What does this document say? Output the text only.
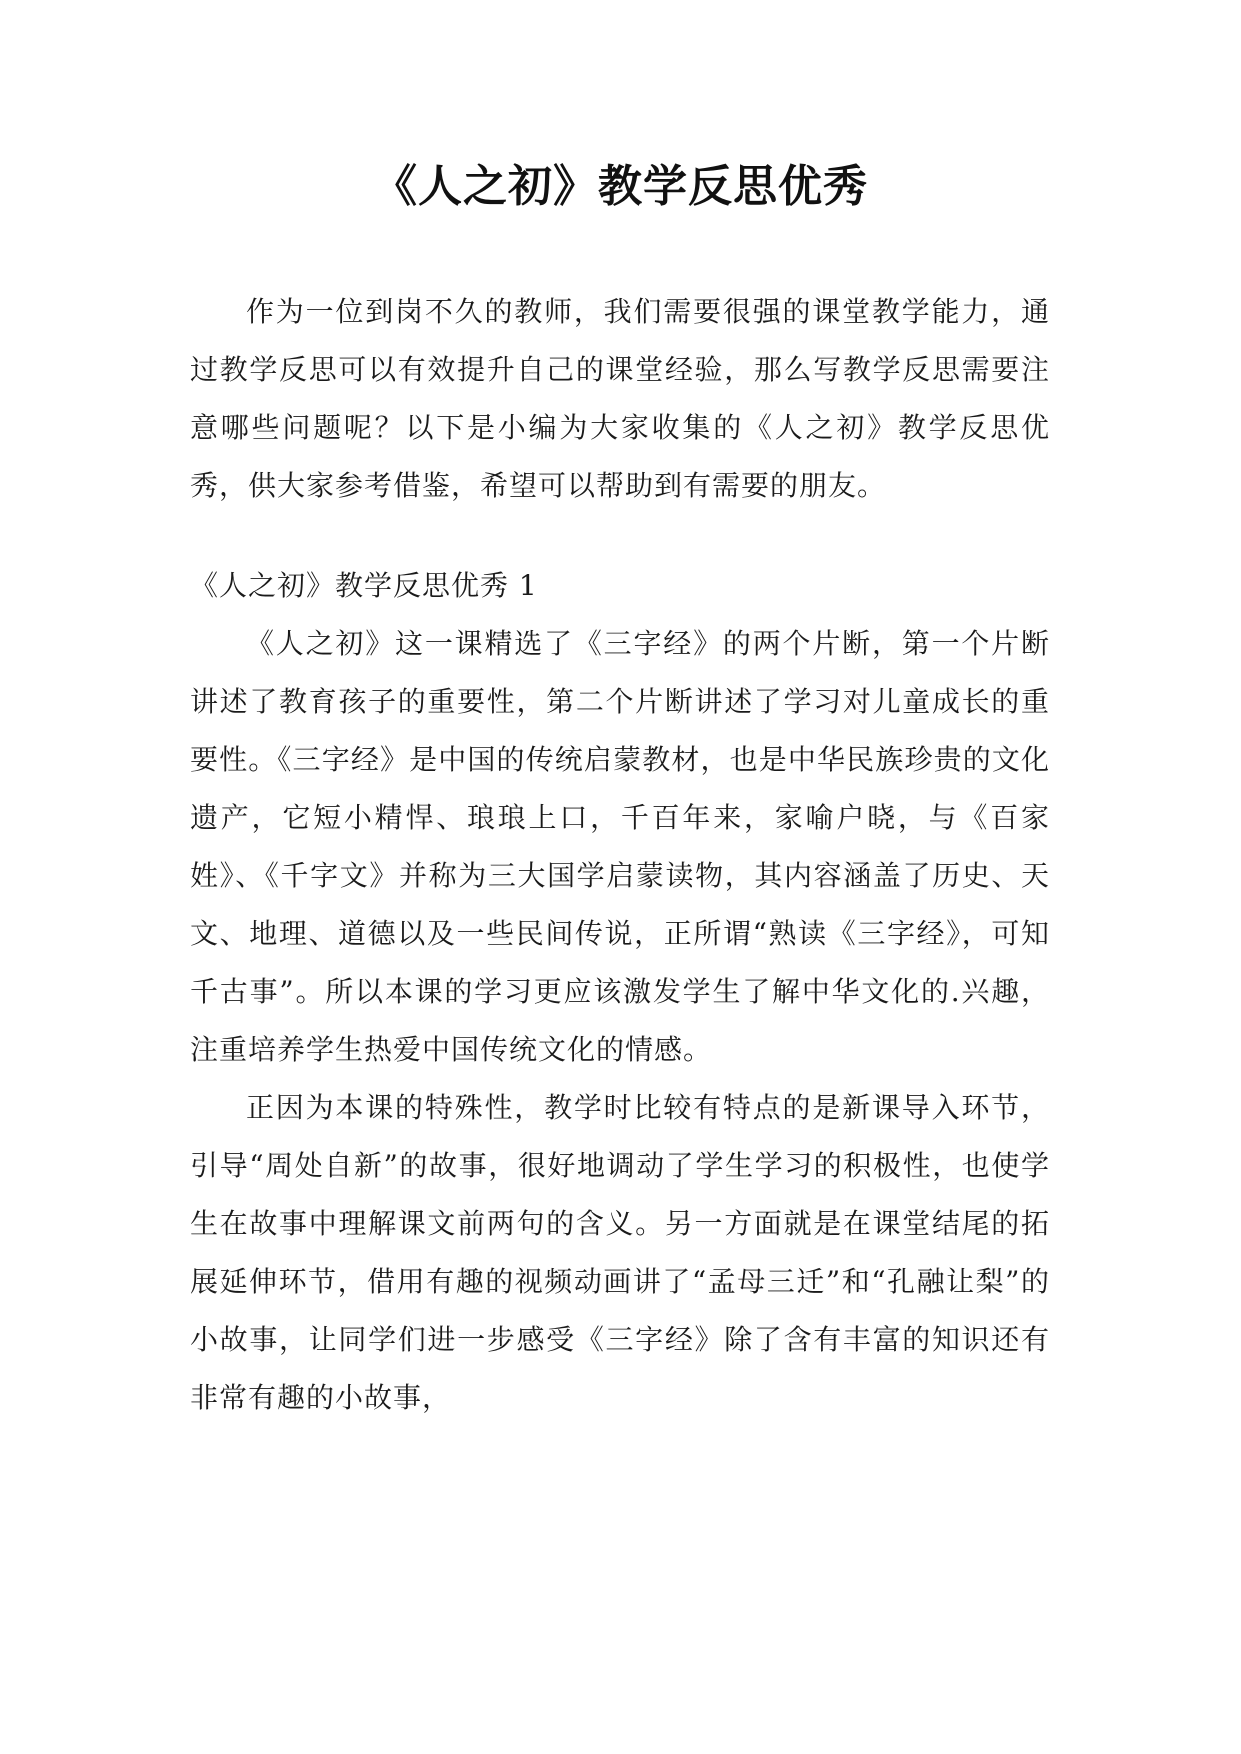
《人之初》教学反思优秀

作为一位到岗不久的教师，我们需要很强的课堂教学能力，通过教学反思可以有效提升自己的课堂经验，那么写教学反思需要注意哪些问题呢？以下是小编为大家收集的《人之初》教学反思优秀，供大家参考借鉴，希望可以帮助到有需要的朋友。

《人之初》教学反思优秀 1

《人之初》这一课精选了《三字经》的两个片断，第一个片断讲述了教育孩子的重要性，第二个片断讲述了学习对儿童成长的重要性。《三字经》是中国的传统启蒙教材，也是中华民族珍贵的文化遗产，它短小精悍、琅琅上口，千百年来，家喻户晓，与《百家姓》、《千字文》并称为三大国学启蒙读物，其内容涵盖了历史、天文、地理、道德以及一些民间传说，正所谓“熟读《三字经》，可知千古事”。所以本课的学习更应该激发学生了解中华文化的.兴趣，注重培养学生热爱中国传统文化的情感。

正因为本课的特殊性，教学时比较有特点的是新课导入环节，引导“周处自新”的故事，很好地调动了学生学习的积极性，也使学生在故事中理解课文前两句的含义。另一方面就是在课堂结尾的拓展延伸环节，借用有趣的视频动画讲了“孟母三迁”和“孔融让梨”的小故事，让同学们进一步感受《三字经》除了含有丰富的知识还有非常有趣的小故事，
